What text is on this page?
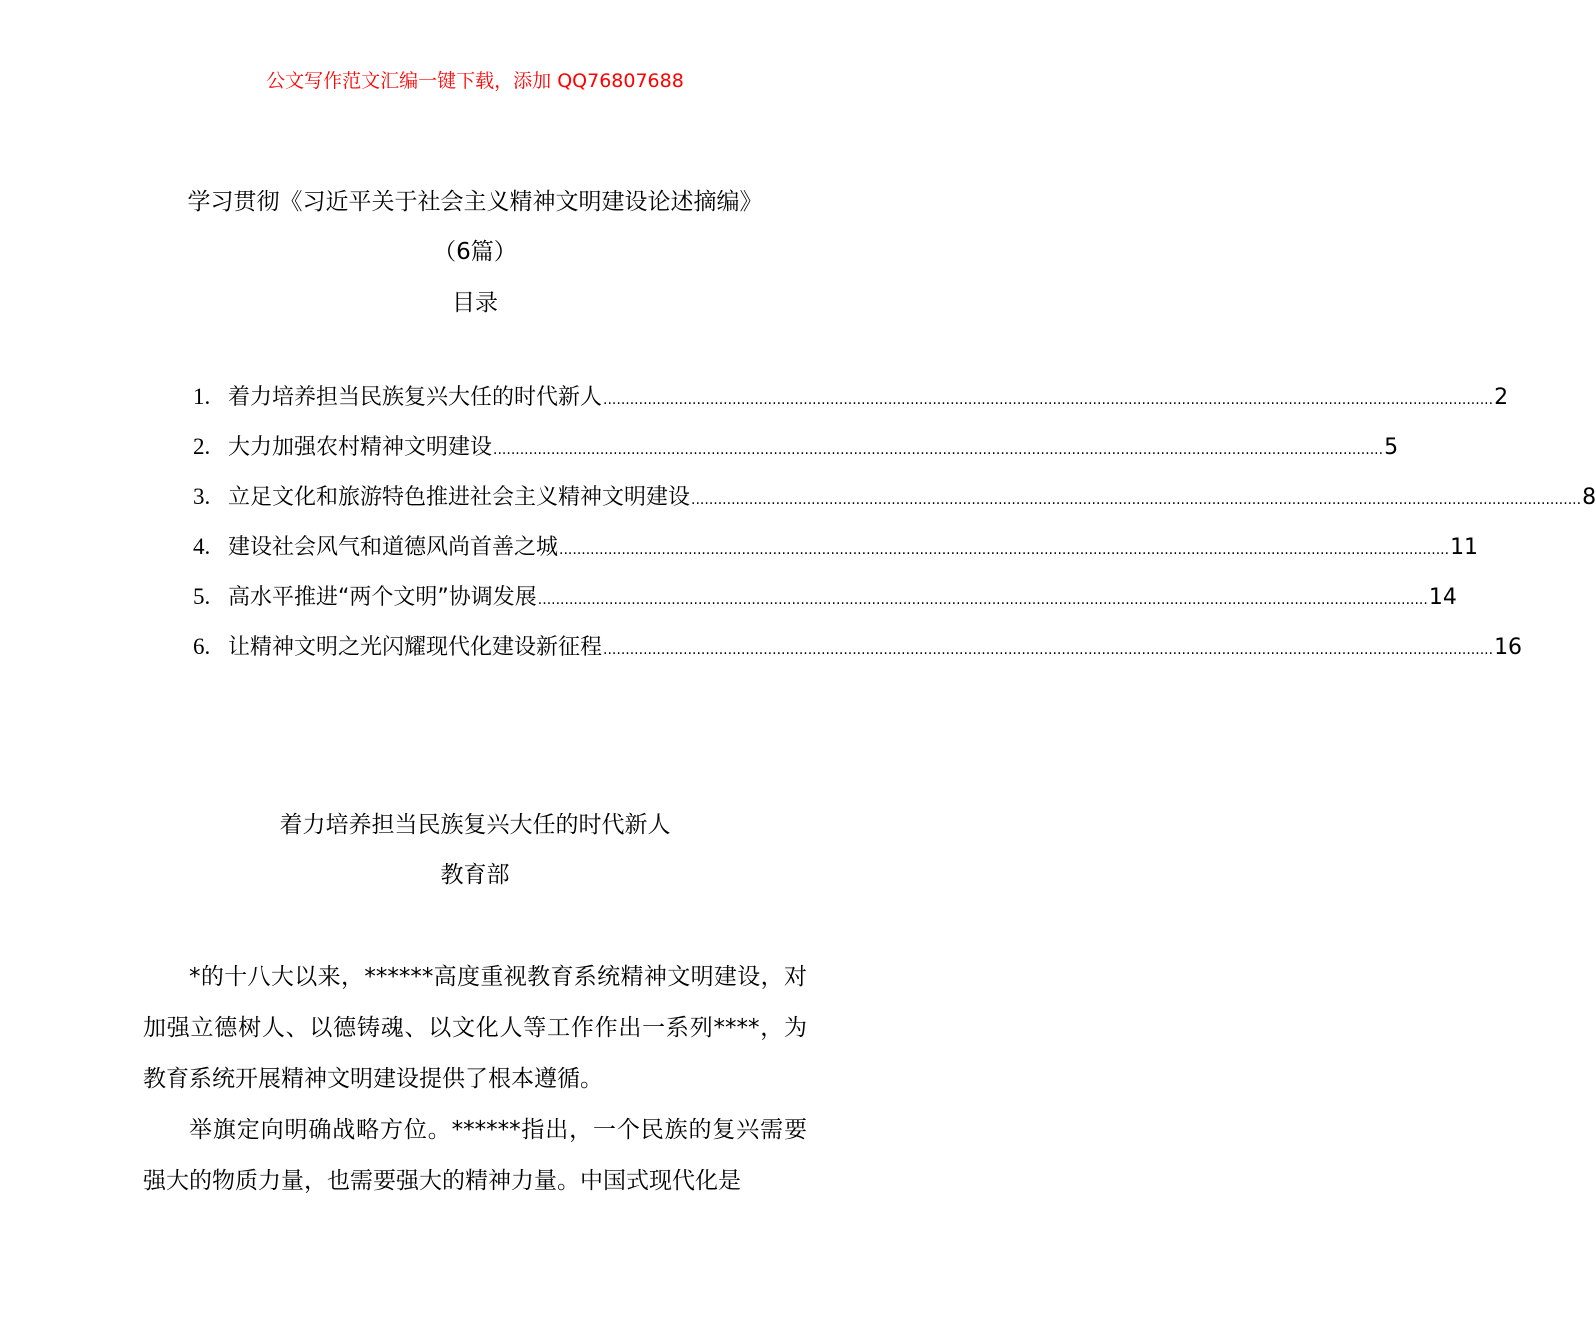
公文写作范文汇编一键下载，添加 QQ76807688
学习贯彻《习近平关于社会主义精神文明建设论述摘编》
（6篇）
目录
1. 着力培养担当民族复兴大任的时代新人 ........................................................................................................................................................................................................ 2
2. 大力加强农村精神文明建设 ........................................................................................................................................................................................................ 5
3. 立足文化和旅游特色推进社会主义精神文明建设 ........................................................................................................................................................................................................ 8
4. 建设社会风气和道德风尚首善之城 ........................................................................................................................................................................................................ 11
5. 高水平推进“两个文明”协调发展 ........................................................................................................................................................................................................ 14
6. 让精神文明之光闪耀现代化建设新征程 ........................................................................................................................................................................................................ 16
着力培养担当民族复兴大任的时代新人
教育部

*的十八大以来，******高度重视教育系统精神文明建设，对加强立德树人、以德铸魂、以文化人等工作作出一系列****，为教育系统开展精神文明建设提供了根本遵循。

举旗定向明确战略方位。******指出，一个民族的复兴需要强大的物质力量，也需要强大的精神力量。中国式现代化是
